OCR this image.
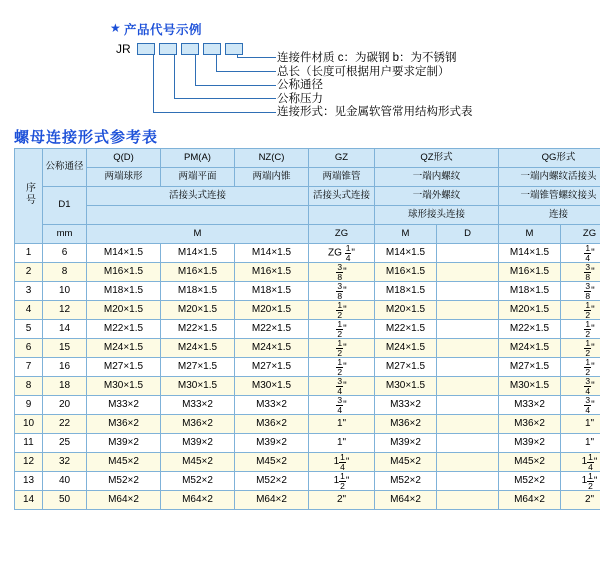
★ 产品代号示例
JR
连接件材质 c：为碳钢 b：为不锈钢
总长（长度可根据用户要求定制）
公称通径
公称压力
连接形式：见金属软管常用结构形式表
螺母连接形式参考表
序号	公称通径	Q(D)	PM(A)	NZ(C)	GZ	QZ形式		QG形式	
		两端球形	两端平面	两端内锥	两端锥管	一端内螺纹		一端内螺纹活接头	
	D1	活接头式连接			活接头式连接	一端外螺纹		一端锥管螺纹接头	
						球形接头连接		连接	
	mm	M			ZG	M	D	M	ZG
1	6	M14×1.5	M14×1.5	M14×1.5	ZG $\frac{1}{4}$ "	M14×1.5		M14×1.5	$\frac{1}{4}$ "
2	8	M16×1.5	M16×1.5	M16×1.5	$\frac{3}{8}$ "	M16×1.5		M16×1.5	$\frac{3}{8}$ "
3	10	M18×1.5	M18×1.5	M18×1.5	$\frac{3}{8}$ "	M18×1.5		M18×1.5	$\frac{3}{8}$ "
4	12	M20×1.5	M20×1.5	M20×1.5	$\frac{1}{2}$ "	M20×1.5		M20×1.5	$\frac{1}{2}$ "
5	14	M22×1.5	M22×1.5	M22×1.5	$\frac{1}{2}$ "	M22×1.5		M22×1.5	$\frac{1}{2}$ "
6	15	M24×1.5	M24×1.5	M24×1.5	$\frac{1}{2}$ "	M24×1.5		M24×1.5	$\frac{1}{2}$ "
7	16	M27×1.5	M27×1.5	M27×1.5	$\frac{1}{2}$ "	M27×1.5		M27×1.5	$\frac{1}{2}$ "
8	18	M30×1.5	M30×1.5	M30×1.5	$\frac{3}{4}$ "	M30×1.5		M30×1.5	$\frac{3}{4}$ "
9	20	M33×2	M33×2	M33×2	$\frac{3}{4}$ "	M33×2		M33×2	$\frac{3}{4}$ "
10	22	M36×2	M36×2	M36×2	1"	M36×2		M36×2	1"
11	25	M39×2	M39×2	M39×2	1"	M39×2		M39×2	1"
12	32	M45×2	M45×2	M45×2	$1 \frac{1}{4}$ "	M45×2		M45×2	$1 \frac{1}{4}$ "
13	40	M52×2	M52×2	M52×2	$1 \frac{1}{2}$ "	M52×2		M52×2	$1 \frac{1}{2}$ "
14	50	M64×2	M64×2	M64×2	2"	M64×2		M64×2	2"
